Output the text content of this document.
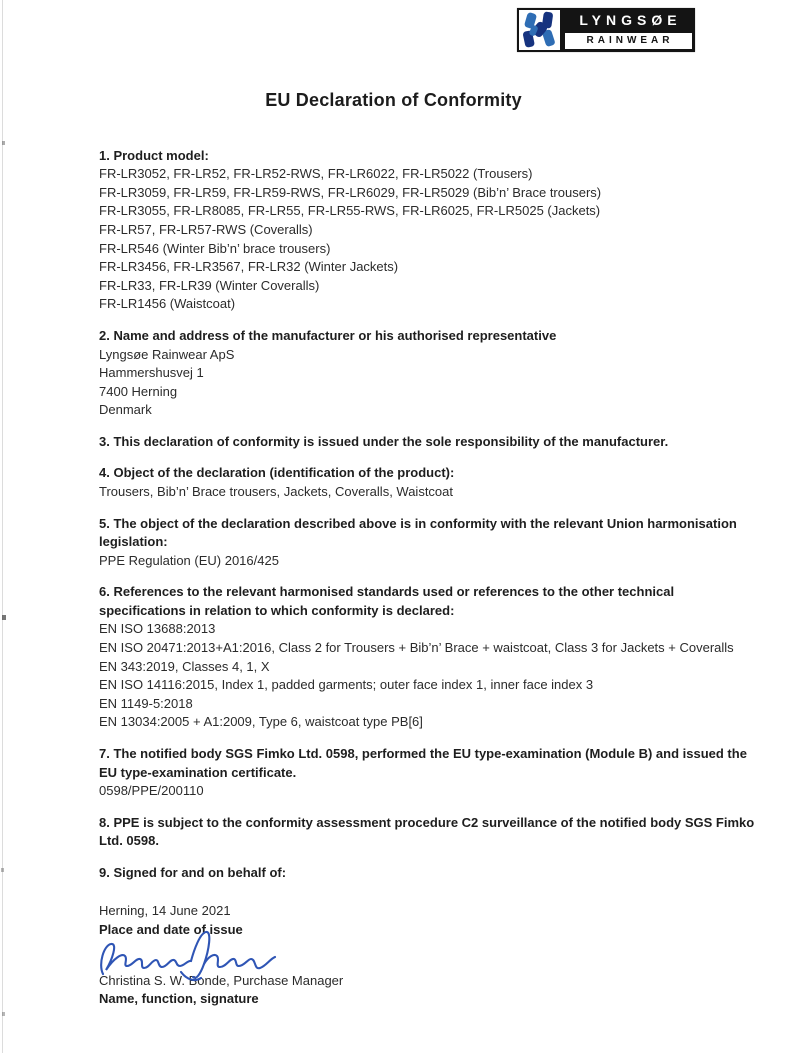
LYNGSØE
RAINWEAR
EU Declaration of Conformity
1. Product model:
FR-LR3052, FR-LR52, FR-LR52-RWS, FR-LR6022, FR-LR5022 (Trousers)
FR-LR3059, FR-LR59, FR-LR59-RWS, FR-LR6029, FR-LR5029 (Bib’n’ Brace trousers)
FR-LR3055, FR-LR8085, FR-LR55, FR-LR55-RWS, FR-LR6025, FR-LR5025 (Jackets)
FR-LR57, FR-LR57-RWS (Coveralls)
FR-LR546 (Winter Bib’n’ brace trousers)
FR-LR3456, FR-LR3567, FR-LR32 (Winter Jackets)
FR-LR33, FR-LR39 (Winter Coveralls)
FR-LR1456 (Waistcoat)
2. Name and address of the manufacturer or his authorised representative
Lyngsøe Rainwear ApS
Hammershusvej 1
7400 Herning
Denmark
3. This declaration of conformity is issued under the sole responsibility of the manufacturer.
4. Object of the declaration (identification of the product):
Trousers, Bib’n’ Brace trousers, Jackets, Coveralls, Waistcoat
5. The object of the declaration described above is in conformity with the relevant Union harmonisation legislation:
PPE Regulation (EU) 2016/425
6. References to the relevant harmonised standards used or references to the other technical specifications in relation to which conformity is declared:
EN ISO 13688:2013
EN ISO 20471:2013+A1:2016, Class 2 for Trousers + Bib’n’ Brace + waistcoat, Class 3 for Jackets + Coveralls
EN 343:2019, Classes 4, 1, X
EN ISO 14116:2015, Index 1, padded garments; outer face index 1, inner face index 3
EN 1149-5:2018
EN 13034:2005 + A1:2009, Type 6, waistcoat type PB[6]
7. The notified body SGS Fimko Ltd. 0598, performed the EU type-examination (Module B) and issued the EU type-examination certificate.
0598/PPE/200110
8. PPE is subject to the conformity assessment procedure C2 surveillance of the notified body SGS Fimko Ltd. 0598.
9. Signed for and on behalf of:
Herning, 14 June 2021
Place and date of issue
Christina S. W. Bonde, Purchase Manager
Name, function, signature
